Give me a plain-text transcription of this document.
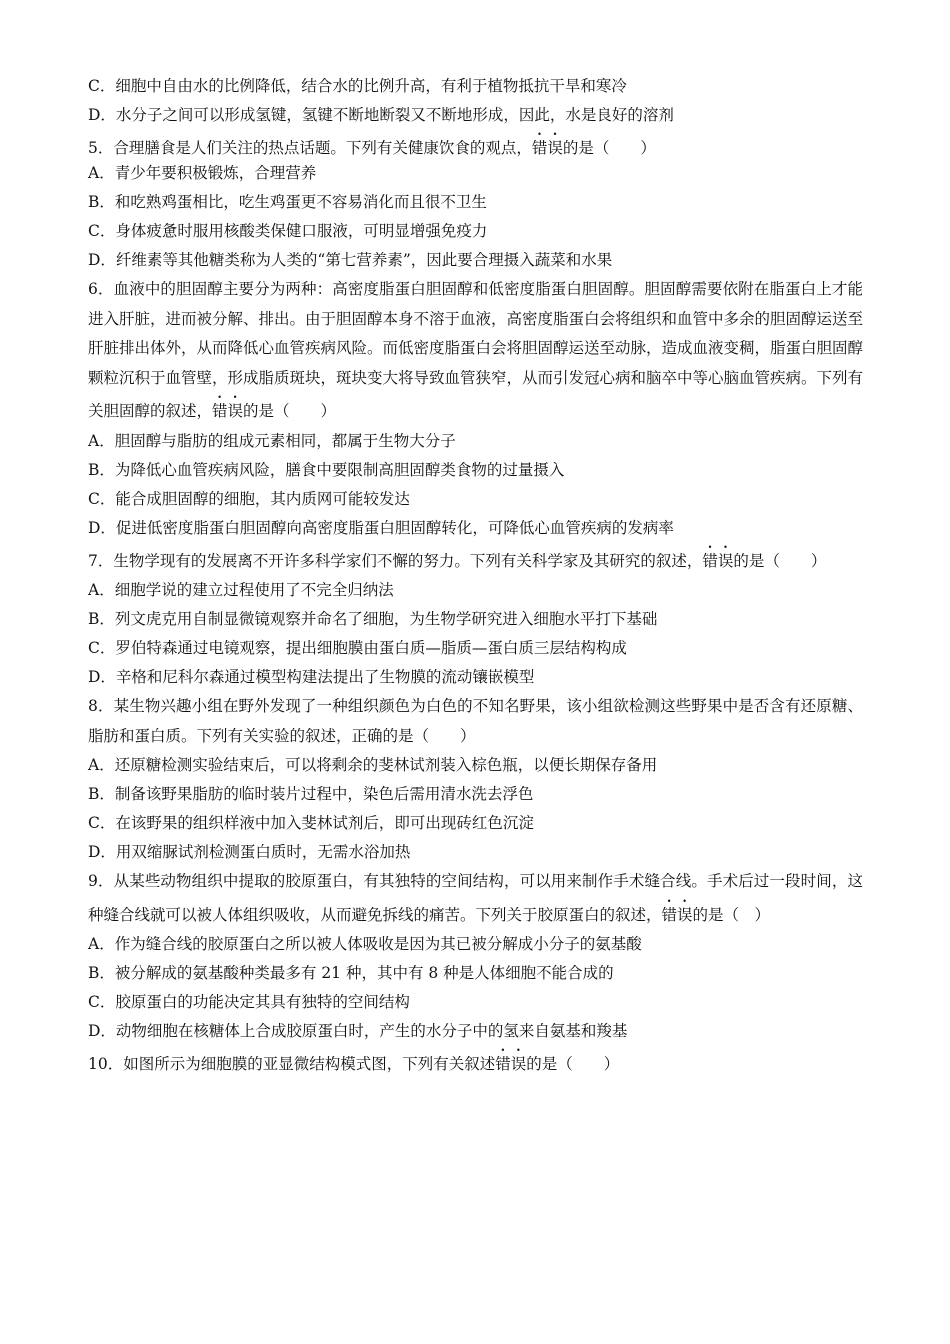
C．细胞中自由水的比例降低，结合水的比例升高，有利于植物抵抗干旱和寒冷
D．水分子之间可以形成氢键，氢键不断地断裂又不断地形成，因此，水是良好的溶剂
5．合理膳食是人们关注的热点话题。下列有关健康饮食的观点，错误的是（　　）
A．青少年要积极锻炼，合理营养
B．和吃熟鸡蛋相比，吃生鸡蛋更不容易消化而且很不卫生
C．身体疲惫时服用核酸类保健口服液，可明显增强免疫力
D．纤维素等其他糖类称为人类的“第七营养素”，因此要合理摄入蔬菜和水果
6．血液中的胆固醇主要分为两种：高密度脂蛋白胆固醇和低密度脂蛋白胆固醇。胆固醇需要依附在脂蛋白上才能进入肝脏，进而被分解、排出。由于胆固醇本身不溶于血液，高密度脂蛋白会将组织和血管中多余的胆固醇运送至肝脏排出体外，从而降低心血管疾病风险。而低密度脂蛋白会将胆固醇运送至动脉，造成血液变稠，脂蛋白胆固醇颗粒沉积于血管壁，形成脂质斑块，斑块变大将导致血管狭窄，从而引发冠心病和脑卒中等心脑血管疾病。下列有关胆固醇的叙述，错误的是（　　）
A．胆固醇与脂肪的组成元素相同，都属于生物大分子
B．为降低心血管疾病风险，膳食中要限制高胆固醇类食物的过量摄入
C．能合成胆固醇的细胞，其内质网可能较发达
D．促进低密度脂蛋白胆固醇向高密度脂蛋白胆固醇转化，可降低心血管疾病的发病率
7．生物学现有的发展离不开许多科学家们不懈的努力。下列有关科学家及其研究的叙述，错误的是（　　）
A．细胞学说的建立过程使用了不完全归纳法
B．列文虎克用自制显微镜观察并命名了细胞，为生物学研究进入细胞水平打下基础
C．罗伯特森通过电镜观察，提出细胞膜由蛋白质—脂质—蛋白质三层结构构成
D．辛格和尼科尔森通过模型构建法提出了生物膜的流动镶嵌模型
8．某生物兴趣小组在野外发现了一种组织颜色为白色的不知名野果，该小组欲检测这些野果中是否含有还原糖、脂肪和蛋白质。下列有关实验的叙述，正确的是（　　）
A．还原糖检测实验结束后，可以将剩余的斐林试剂装入棕色瓶，以便长期保存备用
B．制备该野果脂肪的临时装片过程中，染色后需用清水洗去浮色
C．在该野果的组织样液中加入斐林试剂后，即可出现砖红色沉淀
D．用双缩脲试剂检测蛋白质时，无需水浴加热
9．从某些动物组织中提取的胶原蛋白，有其独特的空间结构，可以用来制作手术缝合线。手术后过一段时间，这种缝合线就可以被人体组织吸收，从而避免拆线的痛苦。下列关于胶原蛋白的叙述，错误的是（　）
A．作为缝合线的胶原蛋白之所以被人体吸收是因为其已被分解成小分子的氨基酸
B．被分解成的氨基酸种类最多有 21 种，其中有 8 种是人体细胞不能合成的
C．胶原蛋白的功能决定其具有独特的空间结构
D．动物细胞在核糖体上合成胶原蛋白时，产生的水分子中的氢来自氨基和羧基
10．如图所示为细胞膜的亚显微结构模式图，下列有关叙述错误的是（　　）
